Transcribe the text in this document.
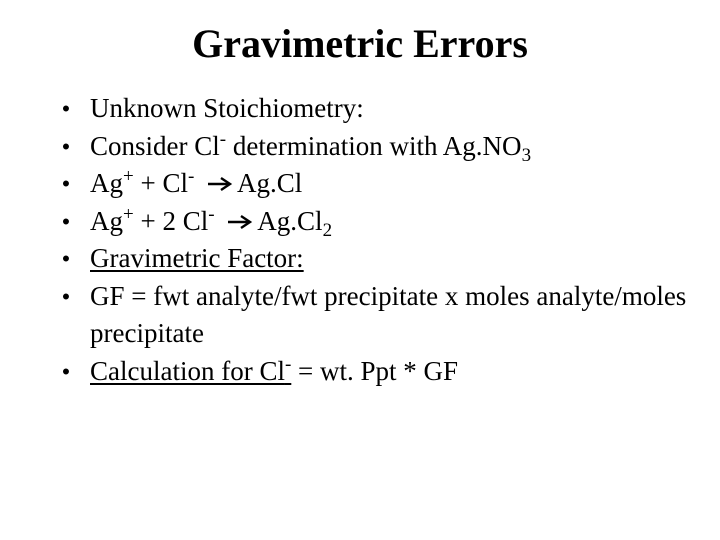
Gravimetric Errors
• Unknown Stoichiometry:
• Consider Cl- determination with $Ag.NO_3$
• Ag+ + Cl- Ag.Cl
• Ag+ + 2 Cl- $Ag.Cl_2$
• Gravimetric Factor:
• GF = fwt analyte/fwt precipitate x moles analyte/moles precipitate
• Calculation for Cl- = wt. Ppt * GF
